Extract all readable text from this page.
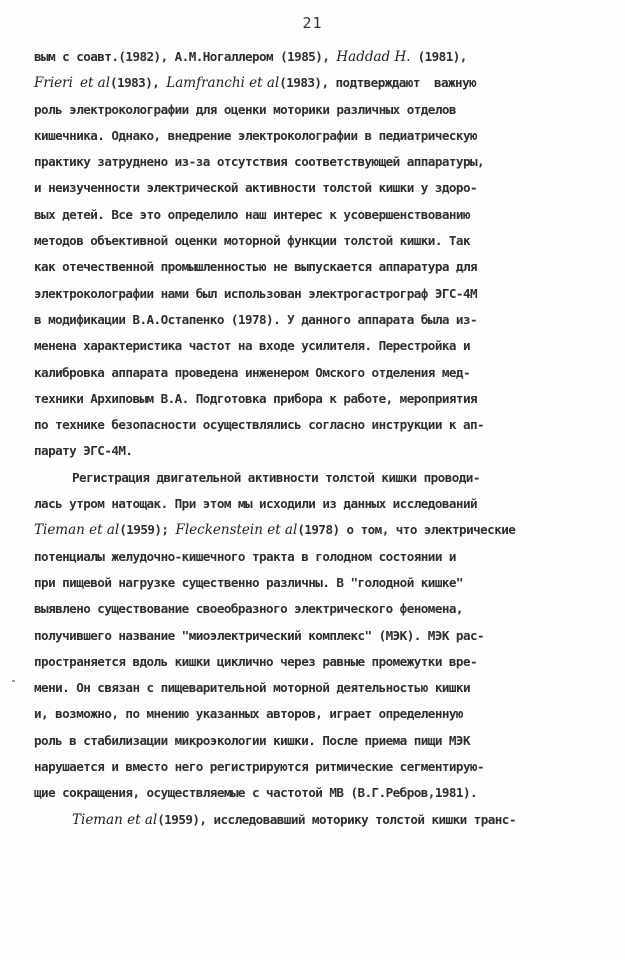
21
вым с соавт.(1982), А.М.Ногаллером (1985), Haddad H. (1981),
Frieri et al(1983), Lamfranchi et al(1983), подтверждают  важную
роль электроколографии для оценки моторики различных отделов
кишечника. Однако, внедрение электроколографии в педиатрическую
практику затруднено из-за отсутствия соответствующей аппаратуры,
и неизученности электрической активности толстой кишки у здоро-
вых детей. Все это определило наш интерес к усовершенствованию
методов объективной оценки моторной функции толстой кишки. Так
как отечественной промышленностью не выпускается аппаратура для
электроколографии нами был использован электрогастрограф ЭГС-4М
в модификации В.А.Остапенко (1978). У данного аппарата была из-
менена характеристика частот на входе усилителя. Перестройка и
калибровка аппарата проведена инженером Омского отделения мед-
техники Архиповым В.А. Подготовка прибора к работе, мероприятия
по технике безопасности осуществлялись согласно инструкции к ап-
парату ЭГС-4М.
Регистрация двигательной активности толстой кишки проводи-
лась утром натощак. При этом мы исходили из данных исследований
Tieman et al(1959); Fleckenstein et al(1978) о том, что электрические
потенциалы желудочно-кишечного тракта в голодном состоянии и
при пищевой нагрузке существенно различны. В "голодной кишке"
выявлено существование своеобразного электрического феномена,
получившего название "миоэлектрический комплекс" (МЭК). МЭК рас-
пространяется вдоль кишки циклично через равные промежутки вре-
мени. Он связан с пищеварительной моторной деятельностью кишки
и, возможно, по мнению указанных авторов, играет определенную
роль в стабилизации микроэкологии кишки. После приема пищи МЭК
нарушается и вместо него регистрируются ритмические сегментирую-
щие сокращения, осуществляемые с частотой МВ (В.Г.Ребров,1981).
Tieman et al(1959), исследовавший моторику толстой кишки транс-
